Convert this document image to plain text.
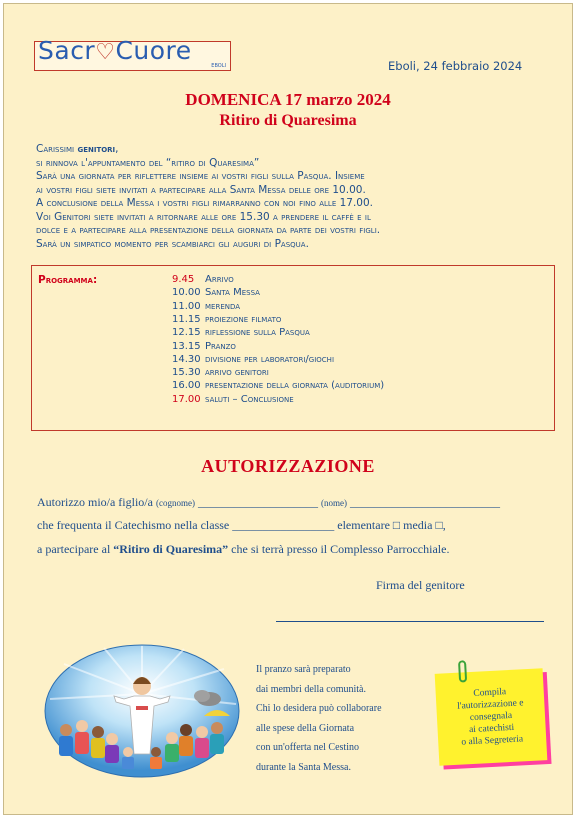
Sacr♡Cuore
EBOLI	Eboli, 24 febbraio 2024
DOMENICA 17 marzo 2024
Ritiro di Quaresima
Carissimi genitori,
si rinnova l'appuntamento del “ritiro di Quaresima”
Sarà una giornata per riflettere insieme ai vostri figli sulla Pasqua. Insieme
ai vostri figli siete invitati a partecipare alla Santa Messa delle ore 10.00.
A conclusione della Messa i vostri figli rimarranno con noi fino alle 17.00.
Voi Genitori siete invitati a ritornare alle ore 15.30 a prendere il caffè e il
dolce e a partecipare alla presentazione della giornata da parte dei vostri figli.
Sarà un simpatico momento per scambiarci gli auguri di Pasqua.
Programma:	9.45 Arrivo
10.00 Santa Messa
11.00 merenda
11.15 proiezione filmato
12.15 riflessione sulla Pasqua
13.15 Pranzo
14.30 divisione per laboratori/giochi
15.30 arrivo genitori
16.00 presentazione della giornata (auditorium)
17.00 saluti – Conclusione
AUTORIZZAZIONE
Autorizzo mio/a figlio/a (cognome) ____________________ (nome) _________________________
che frequenta il Catechismo nella classe _________________ elementare □ media □,
a partecipare al “Ritiro di Quaresima” che si terrà presso il Complesso Parrocchiale.
Firma del genitore
Il pranzo sarà preparato
dai membri della comunità.
Chi lo desidera può collaborare
alle spese della Giornata
con un'offerta nel Cestino
durante la Santa Messa.
Compila
l'autorizzazione e
consegnala
ai catechisti
o alla Segreteria
